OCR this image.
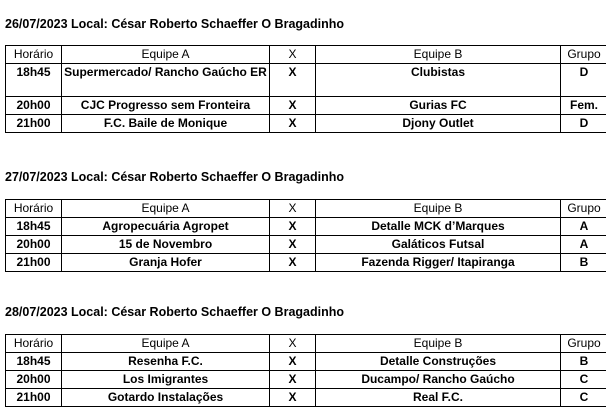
26/07/2023 Local: César Roberto Schaeffer O Bragadinho
Horário	Equipe A	X	Equipe B	Grupo
18h45	Supermercado/ Rancho Gaúcho ER	X	Clubistas	D
20h00	CJC Progresso sem Fronteira	X	Gurias FC	Fem.
21h00	F.C. Baile de Monique	X	Djony Outlet	D
27/07/2023 Local: César Roberto Schaeffer O Bragadinho
Horário	Equipe A	X	Equipe B	Grupo
18h45	Agropecuária Agropet	X	Detalle MCK d’Marques	A
20h00	15 de Novembro	X	Galáticos Futsal	A
21h00	Granja Hofer	X	Fazenda Rigger/ Itapiranga	B
28/07/2023 Local: César Roberto Schaeffer O Bragadinho
Horário	Equipe A	X	Equipe B	Grupo
18h45	Resenha F.C.	X	Detalle Construções	B
20h00	Los Imigrantes	X	Ducampo/ Rancho Gaúcho	C
21h00	Gotardo Instalações	X	Real F.C.	C
